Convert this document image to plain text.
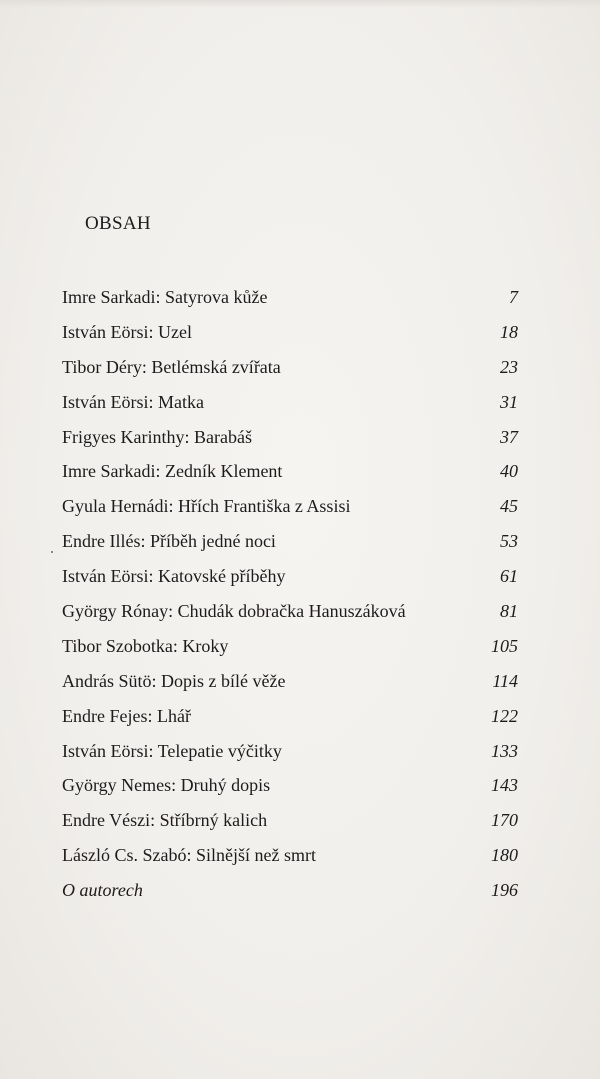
OBSAH
Imre Sarkadi: Satyrova kůže	7
István Eörsi: Uzel	18
Tibor Déry: Betlémská zvířata	23
István Eörsi: Matka	31
Frigyes Karinthy: Barabáš	37
Imre Sarkadi: Zedník Klement	40
Gyula Hernádi: Hřích Františka z Assisi	45
Endre Illés: Příběh jedné noci	53
István Eörsi: Katovské příběhy	61
György Rónay: Chudák dobračka Hanuszáková	81
Tibor Szobotka: Kroky	105
András Sütö: Dopis z bílé věže	114
Endre Fejes: Lhář	122
István Eörsi: Telepatie výčitky	133
György Nemes: Druhý dopis	143
Endre Vészi: Stříbrný kalich	170
László Cs. Szabó: Silnější než smrt	180
O autorech	196
